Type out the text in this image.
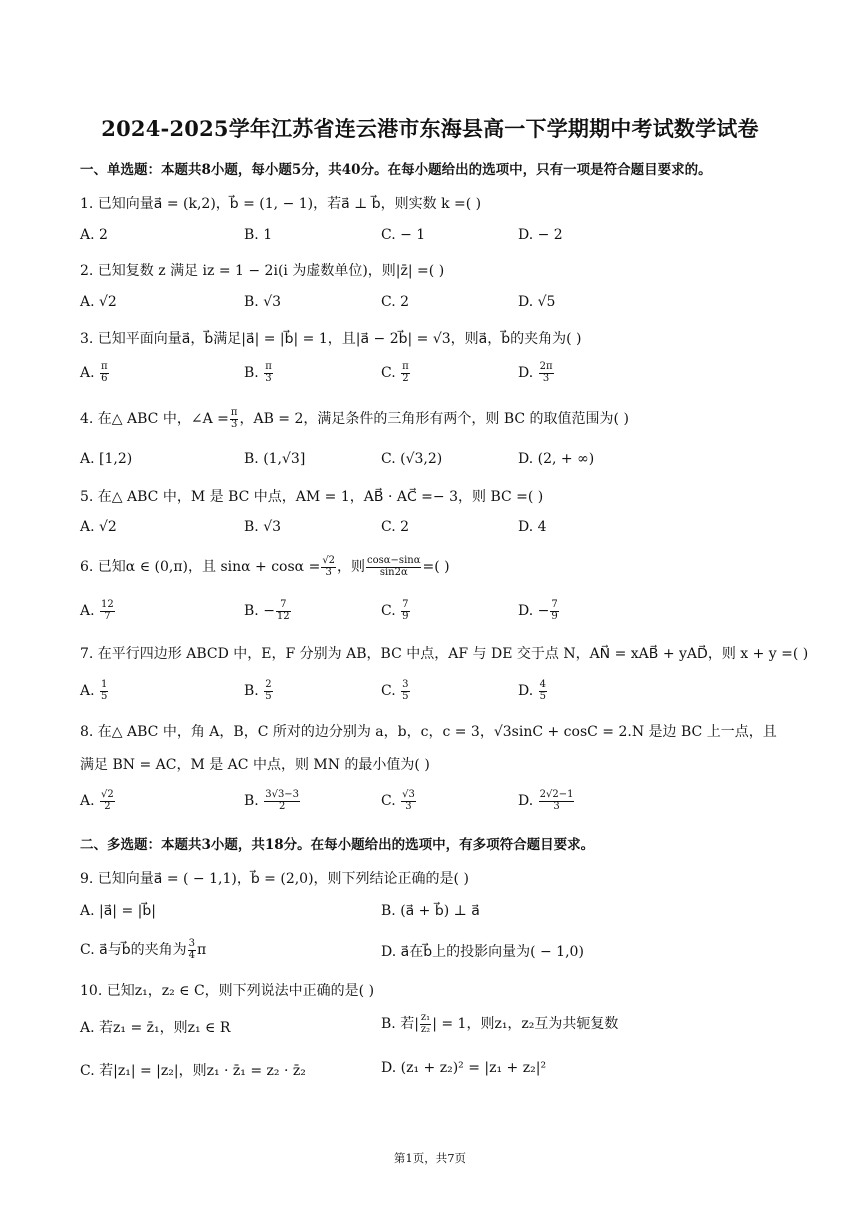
2024-2025学年江苏省连云港市东海县高一下学期期中考试数学试卷
一、单选题：本题共8小题，每小题5分，共40分。在每小题给出的选项中，只有一项是符合题目要求的。
1. 已知向量a⃗ = (k,2)，b⃗ = (1, − 1)，若a⃗ ⊥ b⃗，则实数 k =( )
A. 2	B. 1	C. − 1	D. − 2
2. 已知复数 z 满足 iz = 1 − 2i(i 为虚数单位)，则|z̄| =( )
A. √2	B. √3	C. 2	D. √5
3. 已知平面向量a⃗，b⃗满足|a⃗| = |b⃗| = 1，且|a⃗ − 2b⃗| = √3，则a⃗，b⃗的夹角为( )
A. $\frac{\pi}{6}$	B. $\frac{\pi}{3}$	C. $\frac{\pi}{2}$	D. $\frac{2\pi}{3}$
4. 在△ ABC 中，∠A = $\frac{\pi}{3}$ ，AB = 2，满足条件的三角形有两个，则 BC 的取值范围为( )
A. [1,2)	B. (1,√3]	C. (√3,2)	D. (2, + ∞)
5. 在△ ABC 中，M 是 BC 中点，AM = 1，AB⃗ · AC⃗ =− 3，则 BC =( )
A. √2	B. √3	C. 2	D. 4
6. 已知α ∈ (0,π)，且 $\sin\alpha + \cos\alpha = \frac{√2}{3}$ ，则 $\frac{\cos\alpha-\sin\alpha}{\sin 2\alpha}$ =( )
A. $\frac{12}{7}$	B. − $\frac{7}{12}$	C. $\frac{7}{9}$	D. − $\frac{7}{9}$
7. 在平行四边形 ABCD 中，E，F 分别为 AB，BC 中点，AF 与 DE 交于点 N，AN⃗ = xAB⃗ + yAD⃗，则 x + y =( )
A. $\frac{1}{5}$	B. $\frac{2}{5}$	C. $\frac{3}{5}$	D. $\frac{4}{5}$
8. 在△ ABC 中，角 A，B，C 所对的边分别为 a，b，c，c = 3，√3sinC + cosC = 2.N 是边 BC 上一点，且
满足 BN = AC，M 是 AC 中点，则 MN 的最小值为( )
A. $\frac{√2}{2}$	B. $\frac{3√3-3}{2}$	C. $\frac{√3}{3}$	D. $\frac{2√2-1}{3}$
二、多选题：本题共3小题，共18分。在每小题给出的选项中，有多项符合题目要求。
9. 已知向量a⃗ = ( − 1,1)，b⃗ = (2,0)，则下列结论正确的是( )
A. |a⃗| = |b⃗|	B. (a⃗ + b⃗) ⊥ a⃗
C. a⃗与b⃗的夹角为 $\frac{3}{4}$ π	D. a⃗在b⃗上的投影向量为( − 1,0)
10. 已知z₁，z₂ ∈ C，则下列说法中正确的是( )
A. 若z₁ = z̄₁，则z₁ ∈ R	B. 若| $\frac{\text{z₁}}{\text{z₂}}$ | = 1，则z₁，z₂互为共轭复数
C. 若|z₁| = |z₂|，则z₁ · z̄₁ = z₂ · z̄₂	D. (z₁ + z₂)² = |z₁ + z₂|²
第1页，共7页
